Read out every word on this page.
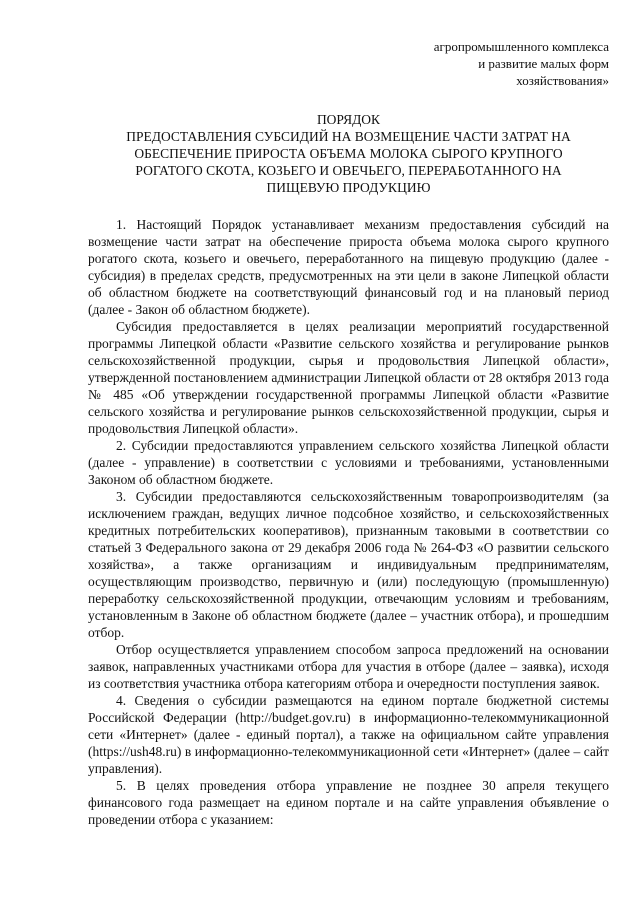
агропромышленного комплекса
и развитие малых форм
хозяйствования»
ПОРЯДОК
ПРЕДОСТАВЛЕНИЯ СУБСИДИЙ НА ВОЗМЕЩЕНИЕ ЧАСТИ ЗАТРАТ НА
ОБЕСПЕЧЕНИЕ ПРИРОСТА ОБЪЕМА МОЛОКА СЫРОГО КРУПНОГО
РОГАТОГО СКОТА, КОЗЬЕГО И ОВЕЧЬЕГО, ПЕРЕРАБОТАННОГО НА
ПИЩЕВУЮ ПРОДУКЦИЮ

1. Настоящий Порядок устанавливает механизм предоставления субсидий на возмещение части затрат на обеспечение прироста объема молока сырого крупного рогатого скота, козьего и овечьего, переработанного на пищевую продукцию (далее - субсидия) в пределах средств, предусмотренных на эти цели в законе Липецкой области об областном бюджете на соответствующий финансовый год и на плановый период (далее - Закон об областном бюджете).

Субсидия предоставляется в целях реализации мероприятий государственной программы Липецкой области «Развитие сельского хозяйства и регулирование рынков сельскохозяйственной продукции, сырья и продовольствия Липецкой области», утвержденной постановлением администрации Липецкой области от 28 октября 2013 года № 485 «Об утверждении государственной программы Липецкой области «Развитие сельского хозяйства и регулирование рынков сельскохозяйственной продукции, сырья и продовольствия Липецкой области».

2. Субсидии предоставляются управлением сельского хозяйства Липецкой области (далее - управление) в соответствии с условиями и требованиями, установленными Законом об областном бюджете.

3. Субсидии предоставляются сельскохозяйственным товаропроизводителям (за исключением граждан, ведущих личное подсобное хозяйство, и сельскохозяйственных кредитных потребительских кооперативов), признанным таковыми в соответствии со статьей 3 Федерального закона от 29 декабря 2006 года № 264-ФЗ «О развитии сельского хозяйства», а также организациям и индивидуальным предпринимателям, осуществляющим производство, первичную и (или) последующую (промышленную) переработку сельскохозяйственной продукции, отвечающим условиям и требованиям, установленным в Законе об областном бюджете (далее – участник отбора), и прошедшим отбор.

Отбор осуществляется управлением способом запроса предложений на основании заявок, направленных участниками отбора для участия в отборе (далее – заявка), исходя из соответствия участника отбора категориям отбора и очередности поступления заявок.

4. Сведения о субсидии размещаются на едином портале бюджетной системы Российской Федерации (http://budget.gov.ru) в информационно-телекоммуникационной сети «Интернет» (далее - единый портал), а также на официальном сайте управления (https://ush48.ru) в информационно-телекоммуникационной сети «Интернет» (далее – сайт управления).

5. В целях проведения отбора управление не позднее 30 апреля текущего финансового года размещает на едином портале и на сайте управления объявление о проведении отбора с указанием:
